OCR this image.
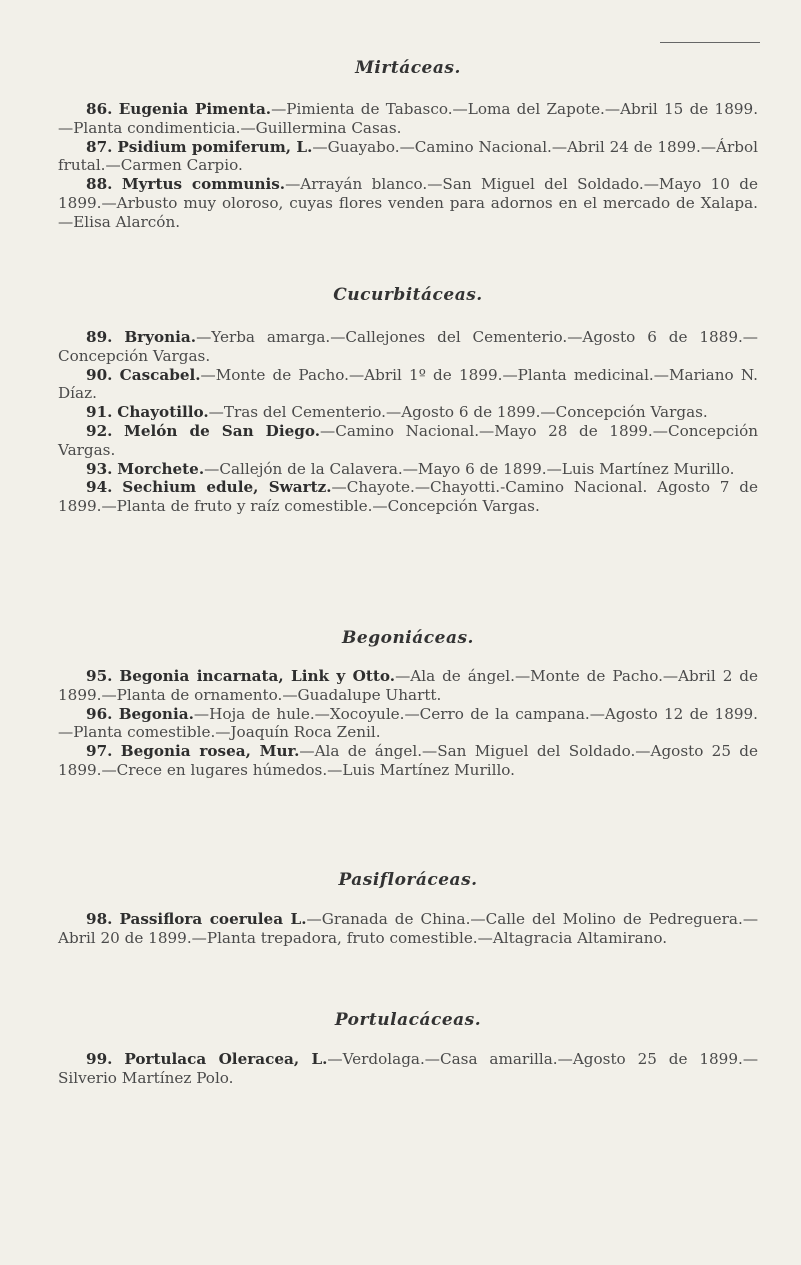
Mirtáceas.

86. Eugenia Pimenta.—Pimienta de Tabasco.—Loma del Zapote.—Abril 15 de 1899.—Planta condimenticia.—Guillermina Casas.

87. Psidium pomiferum, L.—Guayabo.—Camino Nacional.—Abril 24 de 1899.—Árbol frutal.—Carmen Carpio.

88. Myrtus communis.—Arrayán blanco.—San Miguel del Soldado.—Mayo 10 de 1899.—Arbusto muy oloroso, cuyas flores venden para adornos en el mercado de Xalapa.—Elisa Alarcón.

Cucurbitáceas.

89. Bryonia.—Yerba amarga.—Callejones del Cementerio.—Agosto 6 de 1889.—Concepción Vargas.

90. Cascabel.—Monte de Pacho.—Abril 1º de 1899.—Planta medicinal.—Mariano N. Díaz.

91. Chayotillo.—Tras del Cementerio.—Agosto 6 de 1899.—Concepción Vargas.

92. Melón de San Diego.—Camino Nacional.—Mayo 28 de 1899.—Concepción Vargas.

93. Morchete.—Callejón de la Calavera.—Mayo 6 de 1899.—Luis Martínez Murillo.

94. Sechium edule, Swartz.—Chayote.—Chayotti.-Camino Nacional. Agosto 7 de 1899.—Planta de fruto y raíz comestible.—Concepción Vargas.

Begoniáceas.

95. Begonia incarnata, Link y Otto.—Ala de ángel.—Monte de Pacho.—Abril 2 de 1899.—Planta de ornamento.—Guadalupe Uhartt.

96. Begonia.—Hoja de hule.—Xocoyule.—Cerro de la campana.—Agosto 12 de 1899.—Planta comestible.—Joaquín Roca Zenil.

97. Begonia rosea, Mur.—Ala de ángel.—San Miguel del Soldado.—Agosto 25 de 1899.—Crece en lugares húmedos.—Luis Martínez Murillo.

Pasifloráceas.

98. Passiflora coerulea L.—Granada de China.—Calle del Molino de Pedreguera.—Abril 20 de 1899.—Planta trepadora, fruto comestible.—Altagracia Altamirano.

Portulacáceas.

99. Portulaca Oleracea, L.—Verdolaga.—Casa amarilla.—Agosto 25 de 1899.—Silverio Martínez Polo.
